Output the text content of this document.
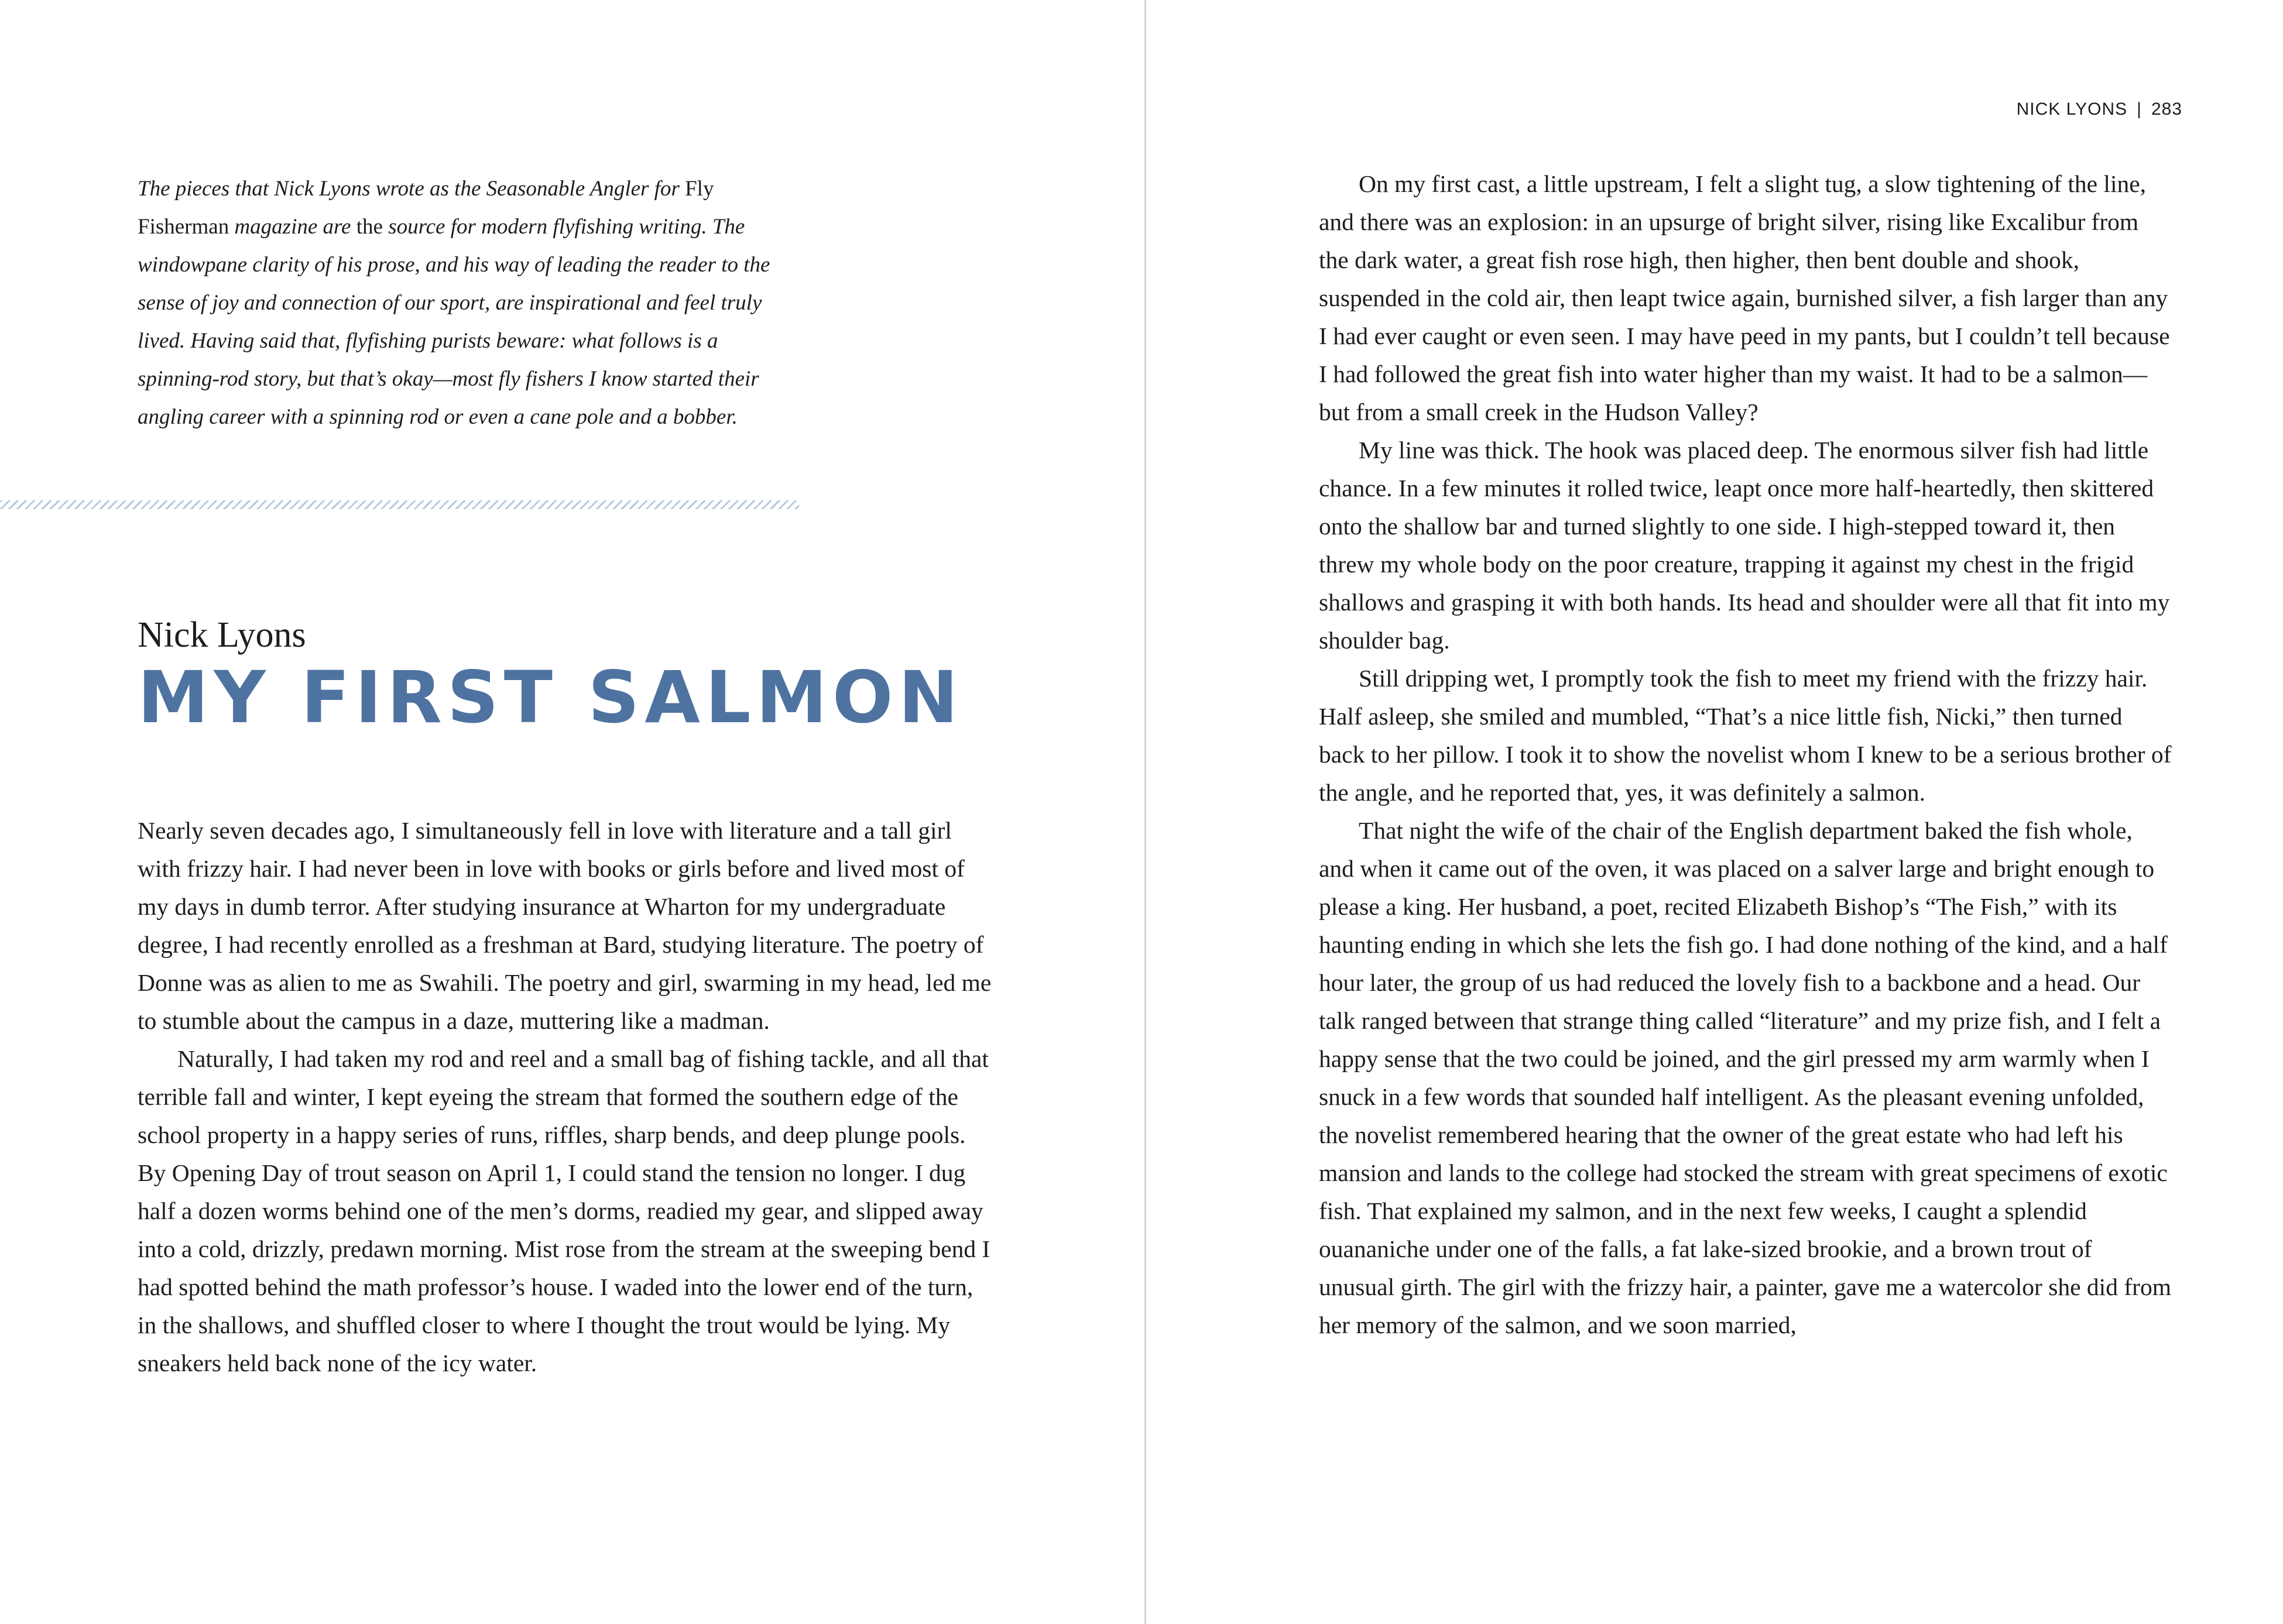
The pieces that Nick Lyons wrote as the Seasonable Angler for Fly Fisherman magazine are the source for modern flyfishing writing. The windowpane clarity of his prose, and his way of leading the reader to the sense of joy and connection of our sport, are inspirational and feel truly lived. Having said that, flyfishing purists beware: what follows is a spinning-rod story, but that’s okay—most fly fishers I know started their angling career with a spinning rod or even a cane pole and a bobber.

Nick Lyons
MY FIRST SALMON

Nearly seven decades ago, I simultaneously fell in love with literature and a tall girl with frizzy hair. I had never been in love with books or girls before and lived most of my days in dumb terror. After studying insurance at Wharton for my undergraduate degree, I had recently enrolled as a freshman at Bard, studying literature. The poetry of Donne was as alien to me as Swahili. The poetry and girl, swarming in my head, led me to stumble about the campus in a daze, muttering like a madman.

Naturally, I had taken my rod and reel and a small bag of fishing tackle, and all that terrible fall and winter, I kept eyeing the stream that formed the southern edge of the school property in a happy series of runs, riffles, sharp bends, and deep plunge pools. By Opening Day of trout season on April 1, I could stand the tension no longer. I dug half a dozen worms behind one of the men’s dorms, readied my gear, and slipped away into a cold, drizzly, predawn morning. Mist rose from the stream at the sweeping bend I had spotted behind the math professor’s house. I waded into the lower end of the turn, in the shallows, and shuffled closer to where I thought the trout would be lying. My sneakers held back none of the icy water.

NICK LYONS | 283

On my first cast, a little upstream, I felt a slight tug, a slow tightening of the line, and there was an explosion: in an upsurge of bright silver, rising like Excalibur from the dark water, a great fish rose high, then higher, then bent double and shook, suspended in the cold air, then leapt twice again, burnished silver, a fish larger than any I had ever caught or even seen. I may have peed in my pants, but I couldn’t tell because I had followed the great fish into water higher than my waist. It had to be a salmon—but from a small creek in the Hudson Valley?

My line was thick. The hook was placed deep. The enormous silver fish had little chance. In a few minutes it rolled twice, leapt once more half-heartedly, then skittered onto the shallow bar and turned slightly to one side. I high-stepped toward it, then threw my whole body on the poor creature, trapping it against my chest in the frigid shallows and grasping it with both hands. Its head and shoulder were all that fit into my shoulder bag.

Still dripping wet, I promptly took the fish to meet my friend with the frizzy hair. Half asleep, she smiled and mumbled, “That’s a nice little fish, Nicki,” then turned back to her pillow. I took it to show the novelist whom I knew to be a serious brother of the angle, and he reported that, yes, it was definitely a salmon.

That night the wife of the chair of the English department baked the fish whole, and when it came out of the oven, it was placed on a salver large and bright enough to please a king. Her husband, a poet, recited Elizabeth Bishop’s “The Fish,” with its haunting ending in which she lets the fish go. I had done nothing of the kind, and a half hour later, the group of us had reduced the lovely fish to a backbone and a head. Our talk ranged between that strange thing called “literature” and my prize fish, and I felt a happy sense that the two could be joined, and the girl pressed my arm warmly when I snuck in a few words that sounded half intelligent. As the pleasant evening unfolded, the novelist remembered hearing that the owner of the great estate who had left his mansion and lands to the college had stocked the stream with great specimens of exotic fish. That explained my salmon, and in the next few weeks, I caught a splendid ouananiche under one of the falls, a fat lake-sized brookie, and a brown trout of unusual girth. The girl with the frizzy hair, a painter, gave me a watercolor she did from her memory of the salmon, and we soon married,
